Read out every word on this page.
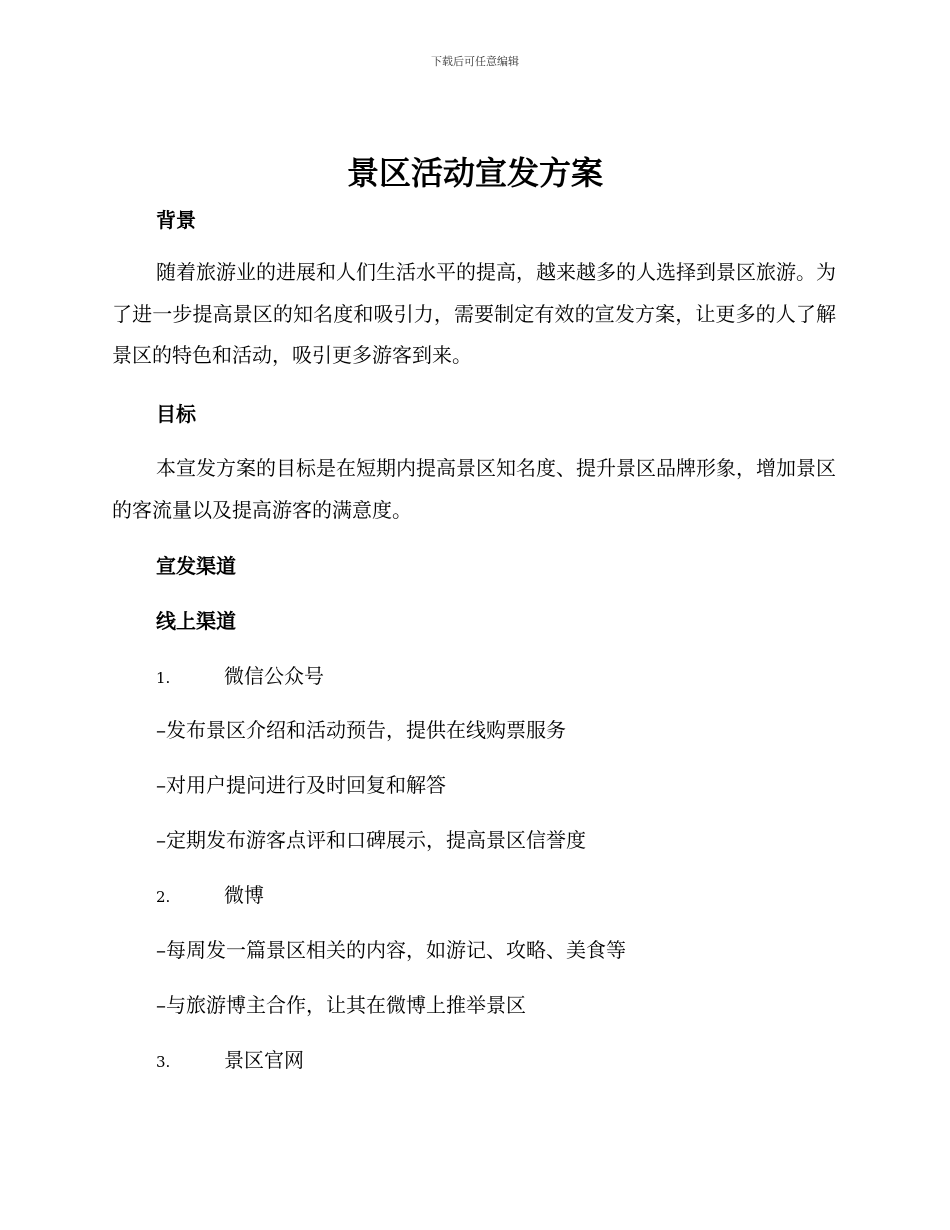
下载后可任意编辑
景区活动宣发方案
背景
随着旅游业的进展和人们生活水平的提高，越来越多的人选择到景区旅游。为了进一步提高景区的知名度和吸引力，需要制定有效的宣发方案，让更多的人了解景区的特色和活动，吸引更多游客到来。
目标
本宣发方案的目标是在短期内提高景区知名度、提升景区品牌形象，增加景区的客流量以及提高游客的满意度。
宣发渠道
线上渠道
1.	微信公众号
–发布景区介绍和活动预告，提供在线购票服务
–对用户提问进行及时回复和解答
–定期发布游客点评和口碑展示，提高景区信誉度
2.	微博
–每周发一篇景区相关的内容，如游记、攻略、美食等
–与旅游博主合作，让其在微博上推举景区
3.	景区官网
